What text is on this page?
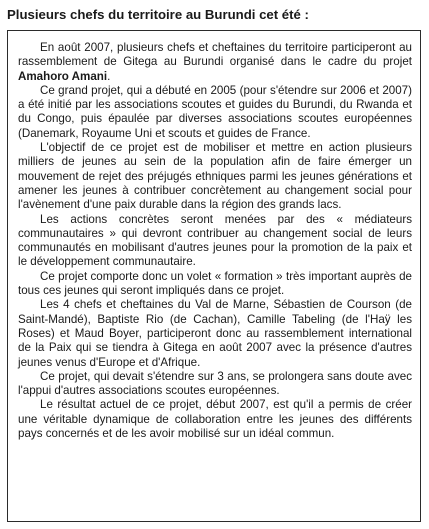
Plusieurs chefs du territoire au Burundi cet été :

En août 2007, plusieurs chefs et cheftaines du territoire participeront au rassemblement de Gitega au Burundi organisé dans le cadre du projet Amahoro Amani.

Ce grand projet, qui a débuté en 2005 (pour s'étendre sur 2006 et 2007) a été initié par les associations scoutes et guides du Burundi, du Rwanda et du Congo, puis épaulée par diverses associations scoutes européennes (Danemark, Royaume Uni et scouts et guides de France.

L'objectif de ce projet est de mobiliser et mettre en action plusieurs milliers de jeunes au sein de la population afin de faire émerger un mouvement de rejet des préjugés ethniques parmi les jeunes générations et amener les jeunes à contribuer concrètement au changement social pour l'avènement d'une paix durable dans la région des grands lacs.

Les actions concrètes seront menées par des « médiateurs communautaires » qui devront contribuer au changement social de leurs communautés en mobilisant d'autres jeunes pour la promotion de la paix et le développement communautaire.

Ce projet comporte donc un volet « formation » très important auprès de tous ces jeunes qui seront impliqués dans ce projet.

Les 4 chefs et cheftaines du Val de Marne, Sébastien de Courson (de Saint-Mandé), Baptiste Rio (de Cachan), Camille Tabeling (de l'Haÿ les Roses) et Maud Boyer, participeront donc au rassemblement international de la Paix qui se tiendra à Gitega en août 2007 avec la présence d'autres jeunes venus d'Europe et d'Afrique.

Ce projet, qui devait s'étendre sur 3 ans, se prolongera sans doute avec l'appui d'autres associations scoutes européennes.

Le résultat actuel de ce projet, début 2007, est qu'il a permis de créer une véritable dynamique de collaboration entre les jeunes des différents pays concernés et de les avoir mobilisé sur un idéal commun.
